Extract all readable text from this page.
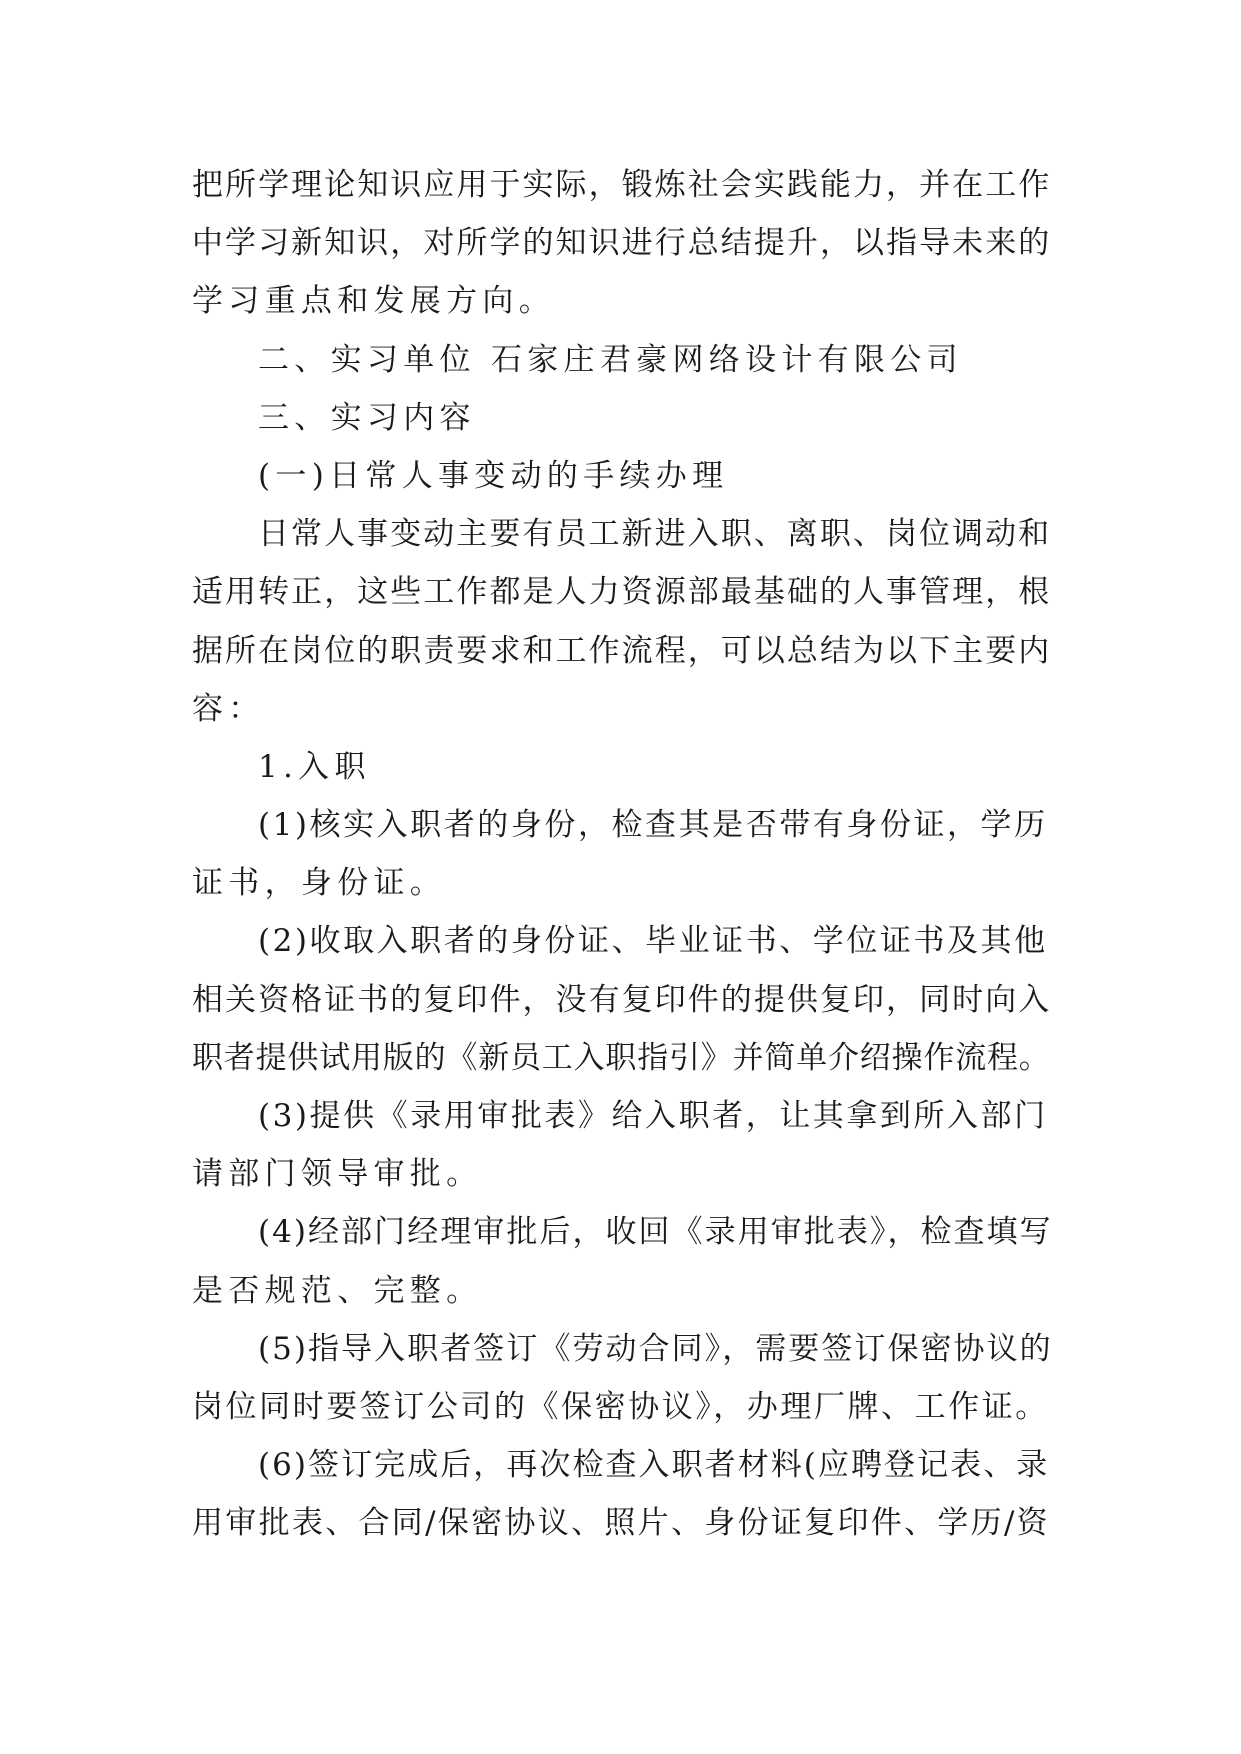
把所学理论知识应用于实际，锻炼社会实践能力，并在工作
中学习新知识，对所学的知识进行总结提升，以指导未来的
学习重点和发展方向。
二、实习单位 石家庄君豪网络设计有限公司
三、实习内容
(一)日常人事变动的手续办理
日常人事变动主要有员工新进入职、离职、岗位调动和
适用转正，这些工作都是人力资源部最基础的人事管理，根
据所在岗位的职责要求和工作流程，可以总结为以下主要内
容：
1.入职
(1)核实入职者的身份，检查其是否带有身份证，学历
证书，身份证。
(2)收取入职者的身份证、毕业证书、学位证书及其他
相关资格证书的复印件，没有复印件的提供复印，同时向入
职者提供试用版的《新员工入职指引》并简单介绍操作流程。
(3)提供《录用审批表》给入职者，让其拿到所入部门
请部门领导审批。
(4)经部门经理审批后，收回《录用审批表》，检查填写
是否规范、完整。
(5)指导入职者签订《劳动合同》，需要签订保密协议的
岗位同时要签订公司的《保密协议》，办理厂牌、工作证。
(6)签订完成后，再次检查入职者材料(应聘登记表、录
用审批表、合同/保密协议、照片、身份证复印件、学历/资
